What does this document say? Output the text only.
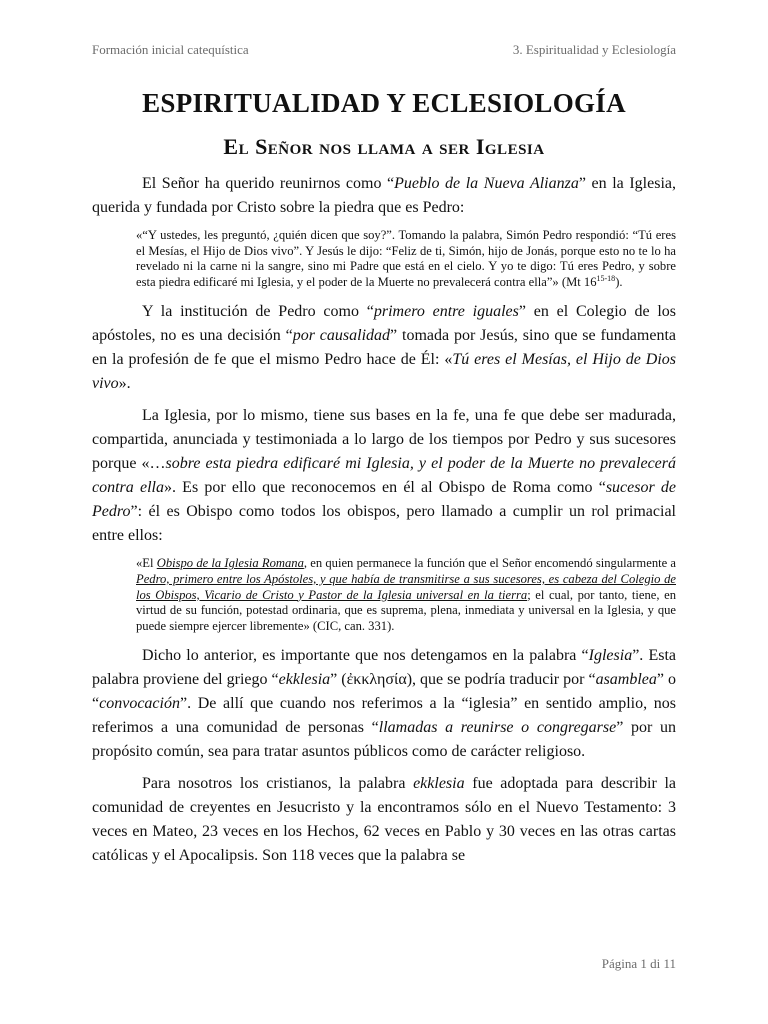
Formación inicial catequística	3. Espiritualidad y Eclesiología
ESPIRITUALIDAD Y ECLESIOLOGÍA
El Señor nos llama a ser Iglesia

El Señor ha querido reunirnos como “Pueblo de la Nueva Alianza” en la Iglesia, querida y fundada por Cristo sobre la piedra que es Pedro:

«“Y ustedes, les preguntó, ¿quién dicen que soy?”. Tomando la palabra, Simón Pedro respondió: “Tú eres el Mesías, el Hijo de Dios vivo”. Y Jesús le dijo: “Feliz de ti, Simón, hijo de Jonás, porque esto no te lo ha revelado ni la carne ni la sangre, sino mi Padre que está en el cielo. Y yo te digo: Tú eres Pedro, y sobre esta piedra edificaré mi Iglesia, y el poder de la Muerte no prevalecerá contra ella”» (Mt 16$^{15-18}$).

Y la institución de Pedro como “primero entre iguales” en el Colegio de los apóstoles, no es una decisión “por causalidad” tomada por Jesús, sino que se fundamenta en la profesión de fe que el mismo Pedro hace de Él: «Tú eres el Mesías, el Hijo de Dios vivo».

La Iglesia, por lo mismo, tiene sus bases en la fe, una fe que debe ser madurada, compartida, anunciada y testimoniada a lo largo de los tiempos por Pedro y sus sucesores porque «…sobre esta piedra edificaré mi Iglesia, y el poder de la Muerte no prevalecerá contra ella». Es por ello que reconocemos en él al Obispo de Roma como “sucesor de Pedro”: él es Obispo como todos los obispos, pero llamado a cumplir un rol primacial entre ellos:

«El Obispo de la Iglesia Romana, en quien permanece la función que el Señor encomendó singularmente a Pedro, primero entre los Apóstoles, y que había de transmitirse a sus sucesores, es cabeza del Colegio de los Obispos, Vicario de Cristo y Pastor de la Iglesia universal en la tierra; el cual, por tanto, tiene, en virtud de su función, potestad ordinaria, que es suprema, plena, inmediata y universal en la Iglesia, y que puede siempre ejercer libremente» (CIC, can. 331).

Dicho lo anterior, es importante que nos detengamos en la palabra “Iglesia”. Esta palabra proviene del griego “ekklesia” (ἐκκλησία), que se podría traducir por “asamblea” o “convocación”. De allí que cuando nos referimos a la “iglesia” en sentido amplio, nos referimos a una comunidad de personas “llamadas a reunirse o congregarse” por un propósito común, sea para tratar asuntos públicos como de carácter religioso.

Para nosotros los cristianos, la palabra ekklesia fue adoptada para describir la comunidad de creyentes en Jesucristo y la encontramos sólo en el Nuevo Testamento: 3 veces en Mateo, 23 veces en los Hechos, 62 veces en Pablo y 30 veces en las otras cartas católicas y el Apocalipsis. Son 118 veces que la palabra se

Página 1 di 11
